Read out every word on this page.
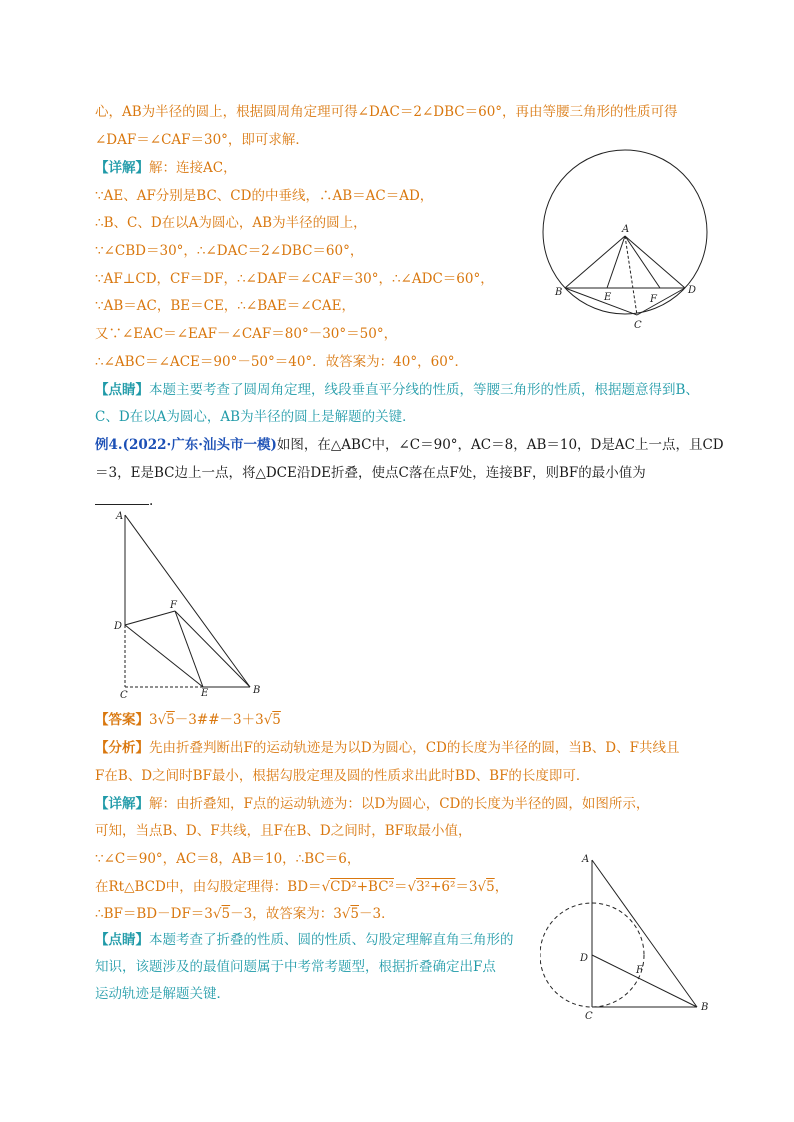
心，AB为半径的圆上，根据圆周角定理可得∠DAC＝2∠DBC＝60°，再由等腰三角形的性质可得
∠DAF＝∠CAF＝30°，即可求解．
【详解】解：连接AC，
∵AE、AF分别是BC、CD的中垂线，∴AB＝AC＝AD，
∴B、C、D在以A为圆心，AB为半径的圆上，
∵∠CBD＝30°，∴∠DAC＝2∠DBC＝60°，
∵AF⊥CD，CF＝DF，∴∠DAF＝∠CAF＝30°，∴∠ADC＝60°，
∵AB＝AC，BE＝CE，∴∠BAE＝∠CAE，
又∵∠EAC＝∠EAF－∠CAF＝80°－30°＝50°，
∴∠ABC＝∠ACE＝90°－50°＝40°．故答案为：40°，60°．
【点睛】本题主要考查了圆周角定理，线段垂直平分线的性质，等腰三角形的性质，根据题意得到B、
C、D在以A为圆心，AB为半径的圆上是解题的关键．
A
B	D
E	F
C
例4.(2022·广东·汕头市一模)如图，在△ABC中，∠C＝90°，AC＝8，AB＝10，D是AC上一点，且CD
＝3，E是BC边上一点，将△DCE沿DE折叠，使点C落在点F处，连接BF，则BF的最小值为
.
A
D
F
C	E	B
【答案】3√5－3##－3＋3√5
【分析】先由折叠判断出F的运动轨迹是为以D为圆心，CD的长度为半径的圆，当B、D、F共线且
F在B、D之间时BF最小，根据勾股定理及圆的性质求出此时BD、BF的长度即可．
【详解】解：由折叠知，F点的运动轨迹为：以D为圆心，CD的长度为半径的圆，如图所示，
可知，当点B、D、F共线，且F在B、D之间时，BF取最小值，
∵∠C＝90°，AC＝8，AB＝10，∴BC＝6，
在Rt△BCD中，由勾股定理得：BD＝√CD²+BC²＝√3²+6²＝3√5，
∴BF＝BD－DF＝3√5－3，故答案为：3√5－3．
【点睛】本题考查了折叠的性质、圆的性质、勾股定理解直角三角形的
知识，该题涉及的最值问题属于中考常考题型，根据折叠确定出F点
运动轨迹是解题关键．
A
D
F
C
B
